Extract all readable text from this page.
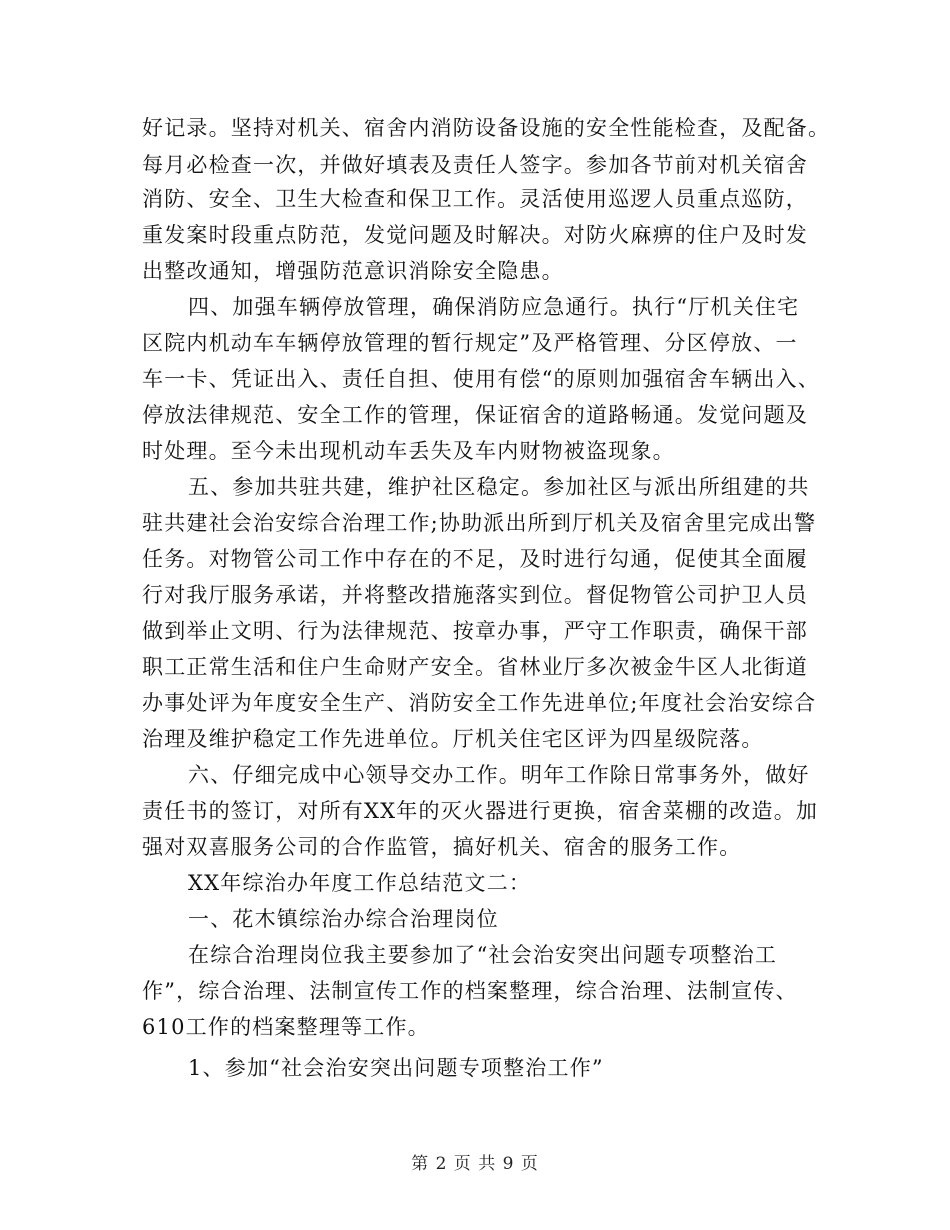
好记录。坚持对机关、宿舍内消防设备设施的安全性能检查，及配备。
每月必检查一次，并做好填表及责任人签字。参加各节前对机关宿舍
消防、安全、卫生大检查和保卫工作。灵活使用巡逻人员重点巡防，
重发案时段重点防范，发觉问题及时解决。对防火麻痹的住户及时发
出整改通知，增强防范意识消除安全隐患。
四、加强车辆停放管理，确保消防应急通行。执行“厅机关住宅
区院内机动车车辆停放管理的暂行规定”及严格管理、分区停放、一
车一卡、凭证出入、责任自担、使用有偿“的原则加强宿舍车辆出入、
停放法律规范、安全工作的管理，保证宿舍的道路畅通。发觉问题及
时处理。至今未出现机动车丢失及车内财物被盗现象。
五、参加共驻共建，维护社区稳定。参加社区与派出所组建的共
驻共建社会治安综合治理工作;协助派出所到厅机关及宿舍里完成出警
任务。对物管公司工作中存在的不足，及时进行勾通，促使其全面履
行对我厅服务承诺，并将整改措施落实到位。督促物管公司护卫人员
做到举止文明、行为法律规范、按章办事，严守工作职责，确保干部
职工正常生活和住户生命财产安全。省林业厅多次被金牛区人北街道
办事处评为年度安全生产、消防安全工作先进单位;年度社会治安综合
治理及维护稳定工作先进单位。厅机关住宅区评为四星级院落。
六、仔细完成中心领导交办工作。明年工作除日常事务外，做好
责任书的签订，对所有XX年的灭火器进行更换，宿舍菜棚的改造。加
强对双喜服务公司的合作监管，搞好机关、宿舍的服务工作。
XX年综治办年度工作总结范文二：
一、花木镇综治办综合治理岗位
在综合治理岗位我主要参加了“社会治安突出问题专项整治工
作”，综合治理、法制宣传工作的档案整理，综合治理、法制宣传、
610工作的档案整理等工作。
1、参加“社会治安突出问题专项整治工作”
第 2 页 共 9 页
